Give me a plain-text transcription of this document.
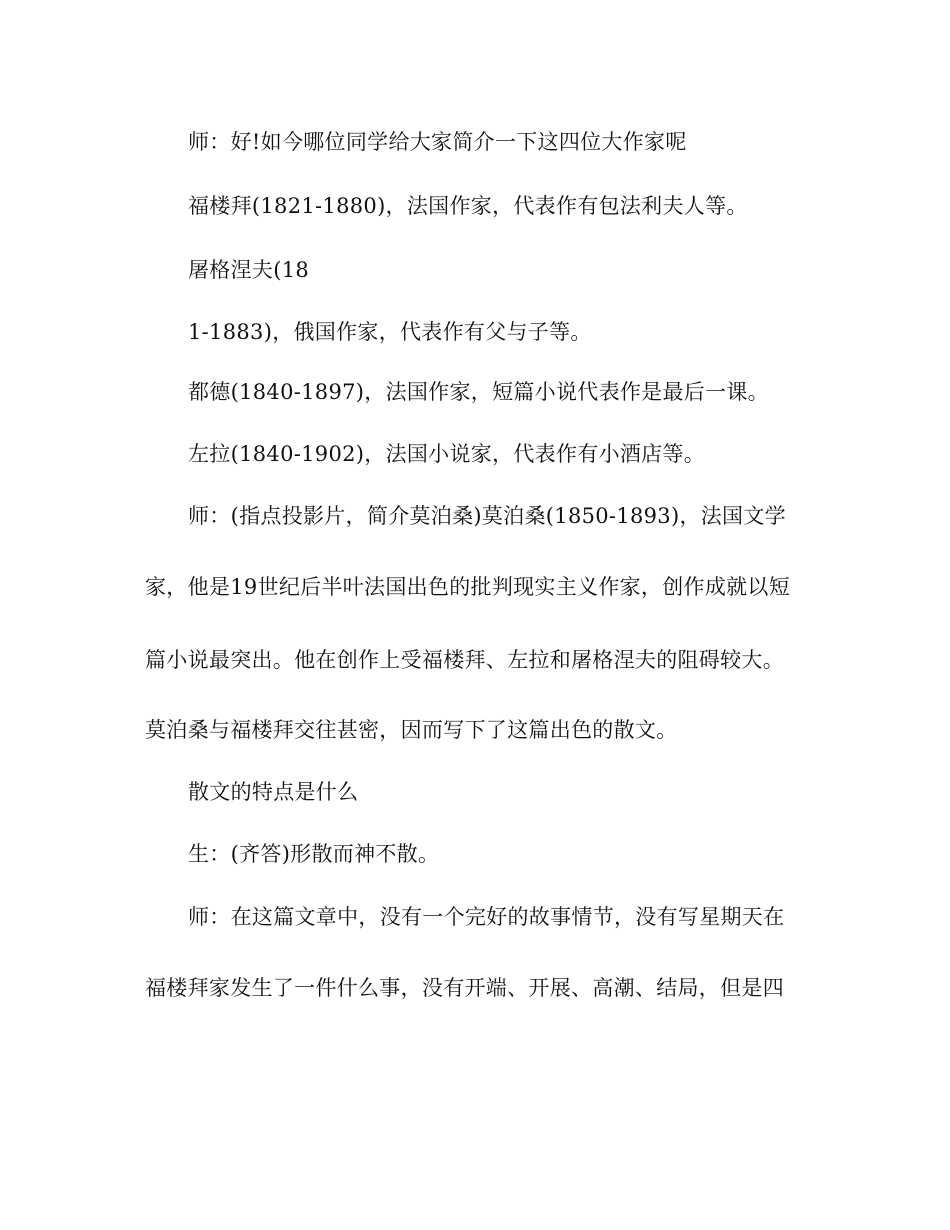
师：好!如今哪位同学给大家简介一下这四位大作家呢
福楼拜(1821-1880)，法国作家，代表作有包法利夫人等。
屠格涅夫(18
1-1883)，俄国作家，代表作有父与子等。
都德(1840-1897)，法国作家，短篇小说代表作是最后一课。
左拉(1840-1902)，法国小说家，代表作有小酒店等。
师：(指点投影片，简介莫泊桑)莫泊桑(1850-1893)，法国文学
家，他是19世纪后半叶法国出色的批判现实主义作家，创作成就以短
篇小说最突出。他在创作上受福楼拜、左拉和屠格涅夫的阻碍较大。
莫泊桑与福楼拜交往甚密，因而写下了这篇出色的散文。
散文的特点是什么
生：(齐答)形散而神不散。
师：在这篇文章中，没有一个完好的故事情节，没有写星期天在
福楼拜家发生了一件什么事，没有开端、开展、高潮、结局，但是四
